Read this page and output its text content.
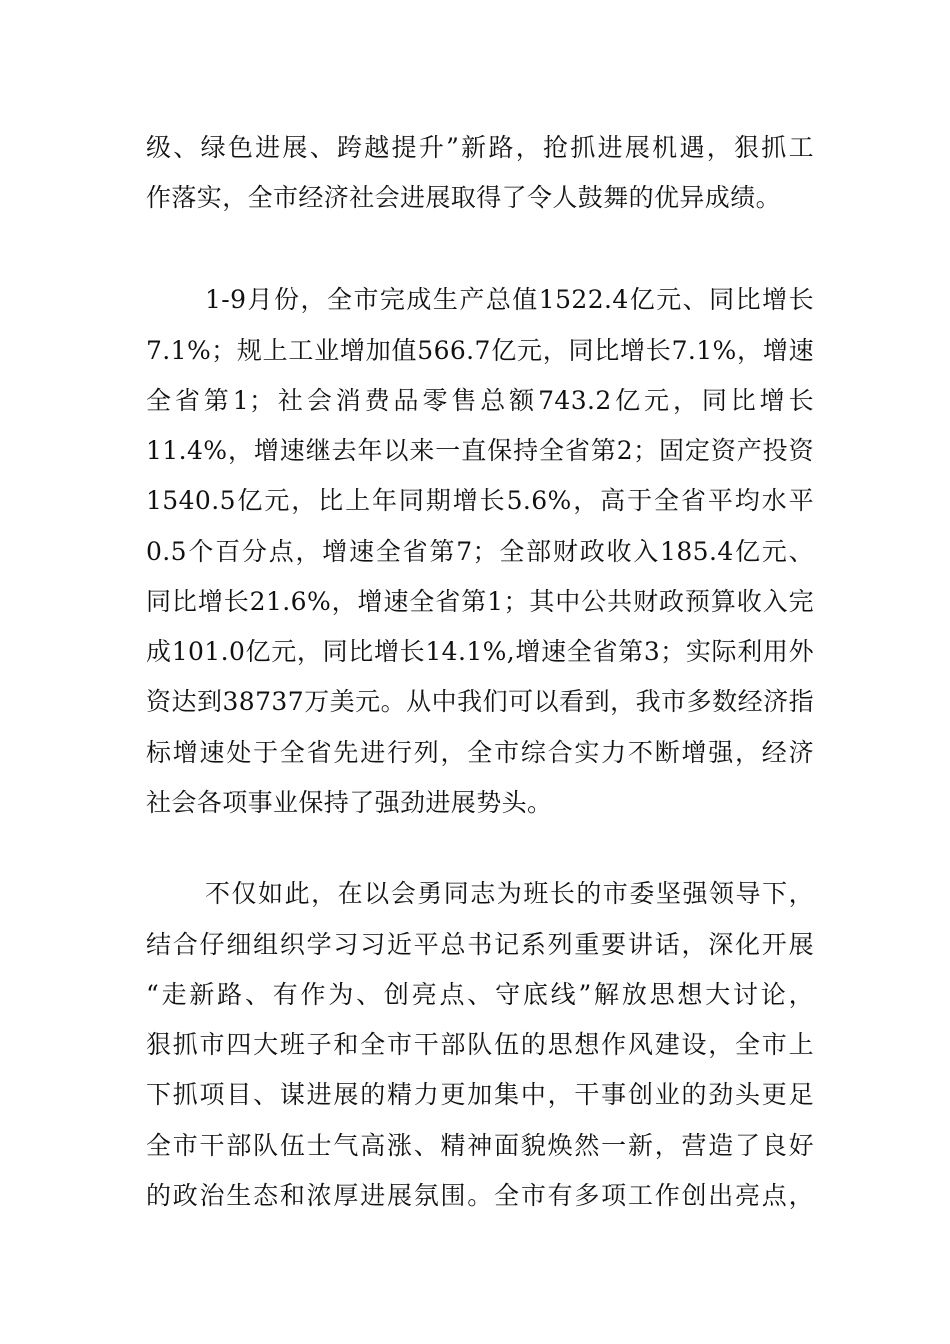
级、绿色进展、跨越提升”新路，抢抓进展机遇，狠抓工
作落实，全市经济社会进展取得了令人鼓舞的优异成绩。
1-9月份，全市完成生产总值1522.4亿元、同比增长
7.1%；规上工业增加值566.7亿元，同比增长7.1%，增速
全省第1；社会消费品零售总额743.2亿元，同比增长
11.4%，增速继去年以来一直保持全省第2；固定资产投资
1540.5亿元，比上年同期增长5.6%，高于全省平均水平
0.5个百分点，增速全省第7；全部财政收入185.4亿元、
同比增长21.6%，增速全省第1；其中公共财政预算收入完
成101.0亿元，同比增长14.1%,增速全省第3；实际利用外
资达到38737万美元。从中我们可以看到，我市多数经济指
标增速处于全省先进行列，全市综合实力不断增强，经济
社会各项事业保持了强劲进展势头。
不仅如此，在以会勇同志为班长的市委坚强领导下，
结合仔细组织学习习近平总书记系列重要讲话，深化开展
“走新路、有作为、创亮点、守底线”解放思想大讨论，
狠抓市四大班子和全市干部队伍的思想作风建设，全市上
下抓项目、谋进展的精力更加集中，干事创业的劲头更足
全市干部队伍士气高涨、精神面貌焕然一新，营造了良好
的政治生态和浓厚进展氛围。全市有多项工作创出亮点，
